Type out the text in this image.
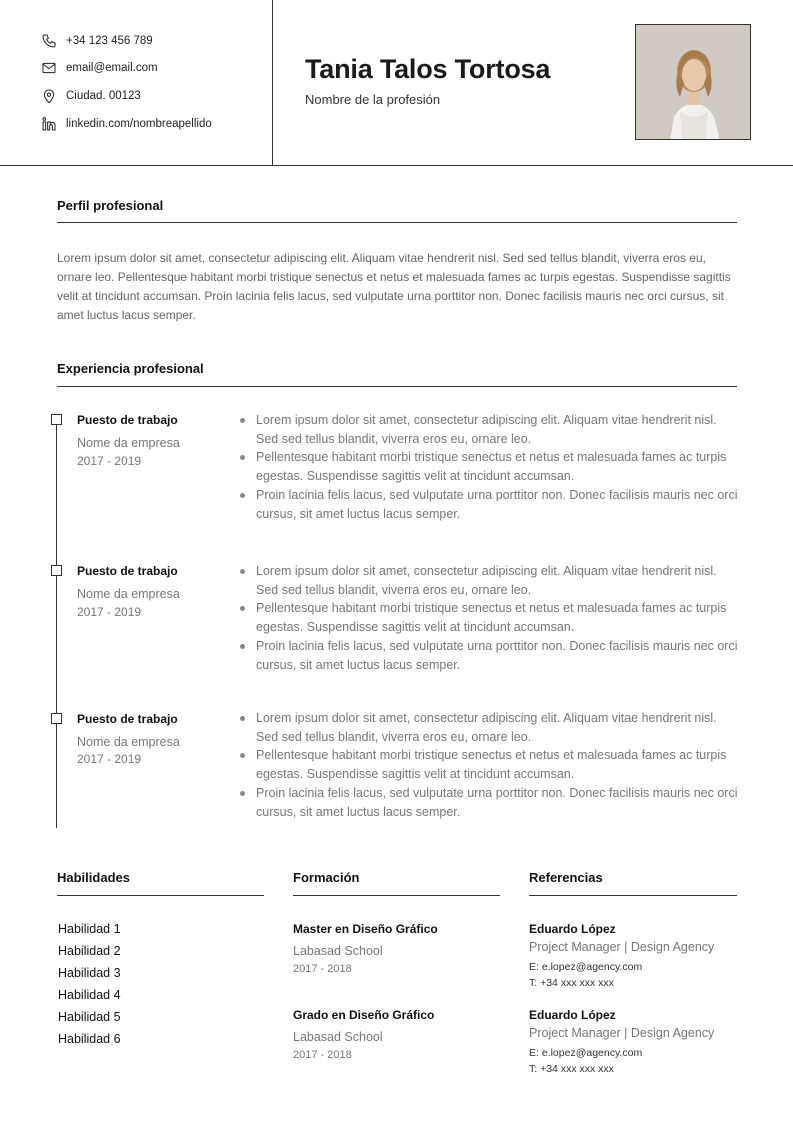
+34 123 456 789
email@email.com
Ciudad. 00123
linkedin.com/nombreapellido
Tania Talos Tortosa
Nombre de la profesión
Perfil profesional
Lorem ipsum dolor sit amet, consectetur adipiscing elit. Aliquam vitae hendrerit nisl. Sed sed tellus blandit, viverra eros eu, ornare leo. Pellentesque habitant morbi tristique senectus et netus et malesuada fames ac turpis egestas. Suspendisse sagittis velit at tincidunt accumsan. Proin lacinia felis lacus, sed vulputate urna porttitor non. Donec facilisis mauris nec orci cursus, sit amet luctus lacus semper.
Experiencia profesional
Puesto de trabajo
Nome da empresa
2017 - 2019
Lorem ipsum dolor sit amet, consectetur adipiscing elit. Aliquam vitae hendrerit nisl. Sed sed tellus blandit, viverra eros eu, ornare leo.
Pellentesque habitant morbi tristique senectus et netus et malesuada fames ac turpis egestas. Suspendisse sagittis velit at tincidunt accumsan.
Proin lacinia felis lacus, sed vulputate urna porttitor non. Donec facilisis mauris nec orci cursus, sit amet luctus lacus semper.
Puesto de trabajo
Nome da empresa
2017 - 2019
Lorem ipsum dolor sit amet, consectetur adipiscing elit. Aliquam vitae hendrerit nisl. Sed sed tellus blandit, viverra eros eu, ornare leo.
Pellentesque habitant morbi tristique senectus et netus et malesuada fames ac turpis egestas. Suspendisse sagittis velit at tincidunt accumsan.
Proin lacinia felis lacus, sed vulputate urna porttitor non. Donec facilisis mauris nec orci cursus, sit amet luctus lacus semper.
Puesto de trabajo
Nome da empresa
2017 - 2019
Lorem ipsum dolor sit amet, consectetur adipiscing elit. Aliquam vitae hendrerit nisl. Sed sed tellus blandit, viverra eros eu, ornare leo.
Pellentesque habitant morbi tristique senectus et netus et malesuada fames ac turpis egestas. Suspendisse sagittis velit at tincidunt accumsan.
Proin lacinia felis lacus, sed vulputate urna porttitor non. Donec facilisis mauris nec orci cursus, sit amet luctus lacus semper.
Habilidades
Habilidad 1
Habilidad 2
Habilidad 3
Habilidad 4
Habilidad 5
Habilidad 6
Formación
Master en Diseño Gráfico
Labasad School
2017 - 2018
Grado en Diseño Gráfico
Labasad School
2017 - 2018
Referencias
Eduardo López
Project Manager | Design Agency
E: e.lopez@agency.com
T: +34 xxx xxx xxx
Eduardo López
Project Manager | Design Agency
E: e.lopez@agency.com
T: +34 xxx xxx xxx
